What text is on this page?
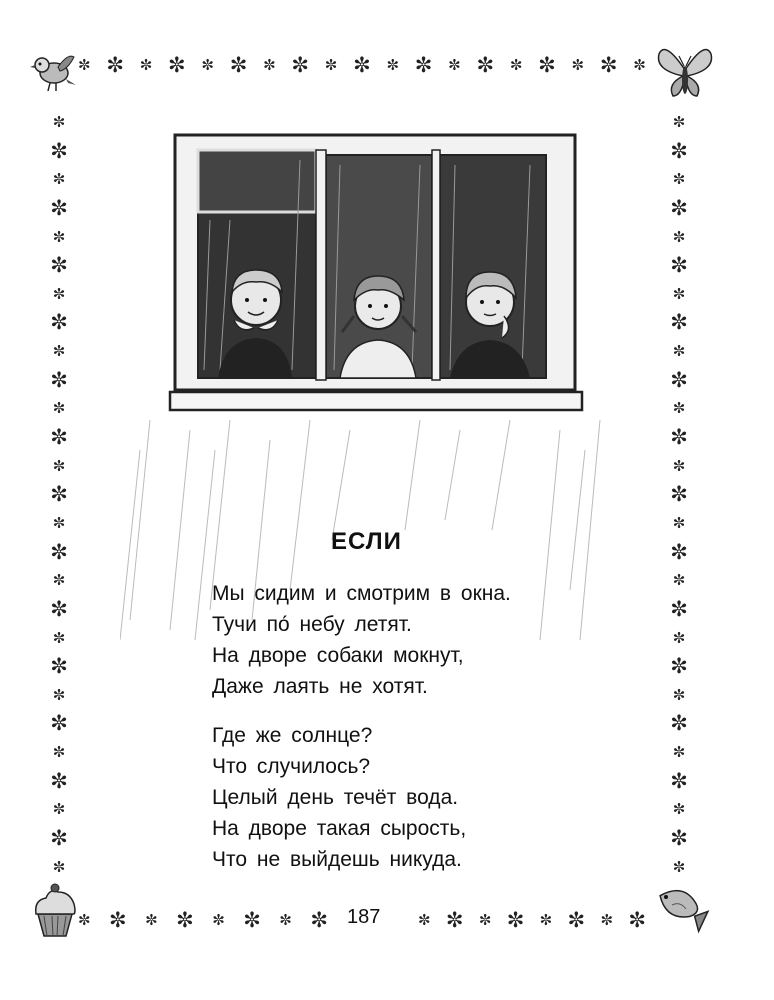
✼ ✼ ✼ ✼ ✼ ✼ ✼ ✼ ✼ ✼ ✼ ✼ ✼ ✼ ✼ ✼ ✼ ✼ ✼
✼ ✼ ✼ ✼ ✼ ✼ ✼ ✼	✼ ✼ ✼ ✼ ✼ ✼ ✼ ✼
✼
✼
✼
✼
✼
✼
✼
✼
✼
✼
✼
✼
✼
✼
✼
✼
✼
✼
✼
✼
✼
✼
✼
✼
✼
✼
✼
✼
✼
✼
✼
✼
✼
✼
✼
✼
✼
✼
✼
✼
✼
✼
✼
✼
✼
✼
✼
✼
✼
✼
✼
✼
✼
✼
ЕСЛИ
Мы сидим и смотрим в окна.
Тучи по́ небу летят.
На дворе собаки мокнут,
Даже лаять не хотят.
Где же солнце?
Что случилось?
Целый день течёт вода.
На дворе такая сырость,
Что не выйдешь никуда.
187
